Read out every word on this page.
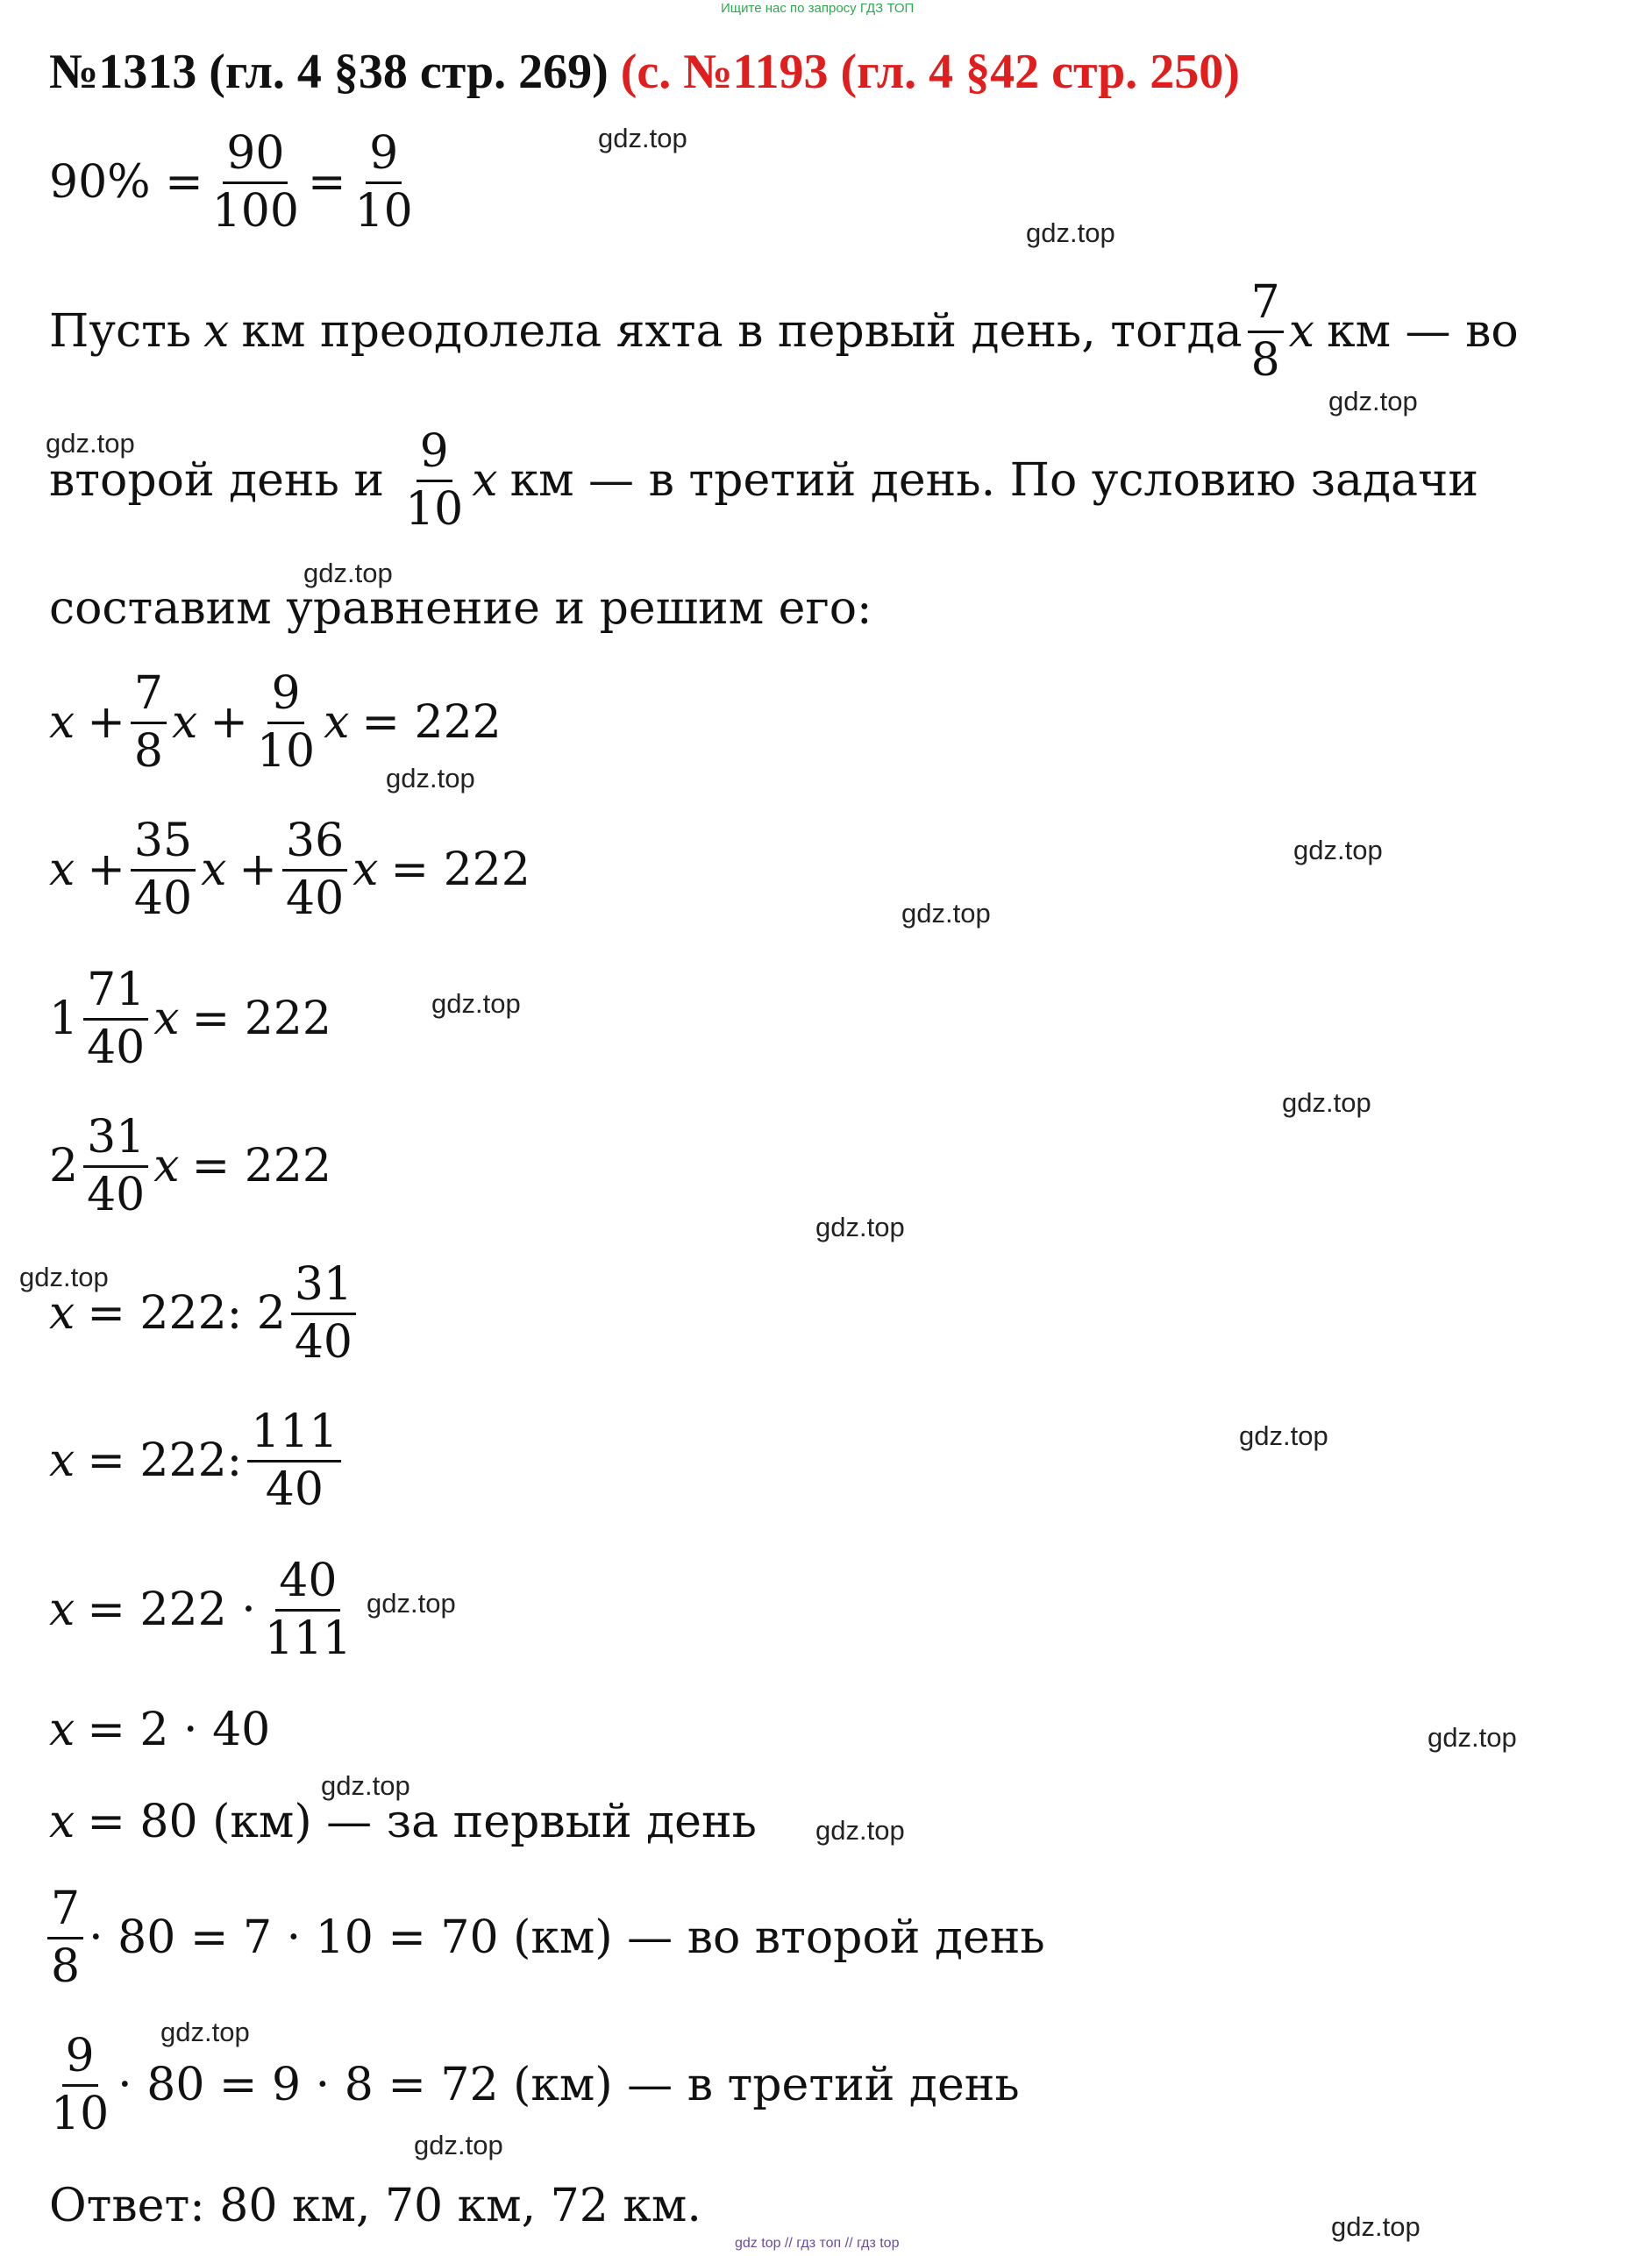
Ищите нас по запросу ГДЗ ТОП
№1313 (гл. 4 §38 стр. 269) (с. №1193 (гл. 4 §42 стр. 250)
$90\% = \frac{90}{100} = \frac{9}{10}$
Пусть x км преодолела яхта в первый день, тогда $\frac{7}{8}$ x км — во
второй день и $\frac{9}{10}$ x км — в третий день. По условию задачи
составим уравнение и решим его:
$x + \frac{7}{8}$ $x + \frac{9}{10}$ x = 222
$x + \frac{35}{40}$ $x + \frac{36}{40}$ x = 222
$1 \frac{71}{40}$ x = 222
$2 \frac{31}{40}$ x = 222
x = 222: $2 \frac{31}{40}$
x = 222: $\frac{111}{40}$
$x = 222 \cdot \frac{40}{111}$
x = 2 · 40
x = 80 (км) — за первый день
$\frac{7}{8} \cdot 80 = 7 \cdot 10 = 70$ (км) — во второй день
$\frac{9}{10} \cdot 80 = 9 \cdot 8 = 72$ (км) — в третий день
Ответ: 80 км, 70 км, 72 км.
gdz.top
gdz.top
gdz.top
gdz.top
gdz.top
gdz.top
gdz.top
gdz.top
gdz.top
gdz.top
gdz.top
gdz.top
gdz.top
gdz.top
gdz.top
gdz.top
gdz.top
gdz.top
gdz.top
gdz.top
gdz top // гдз топ // гдз top
